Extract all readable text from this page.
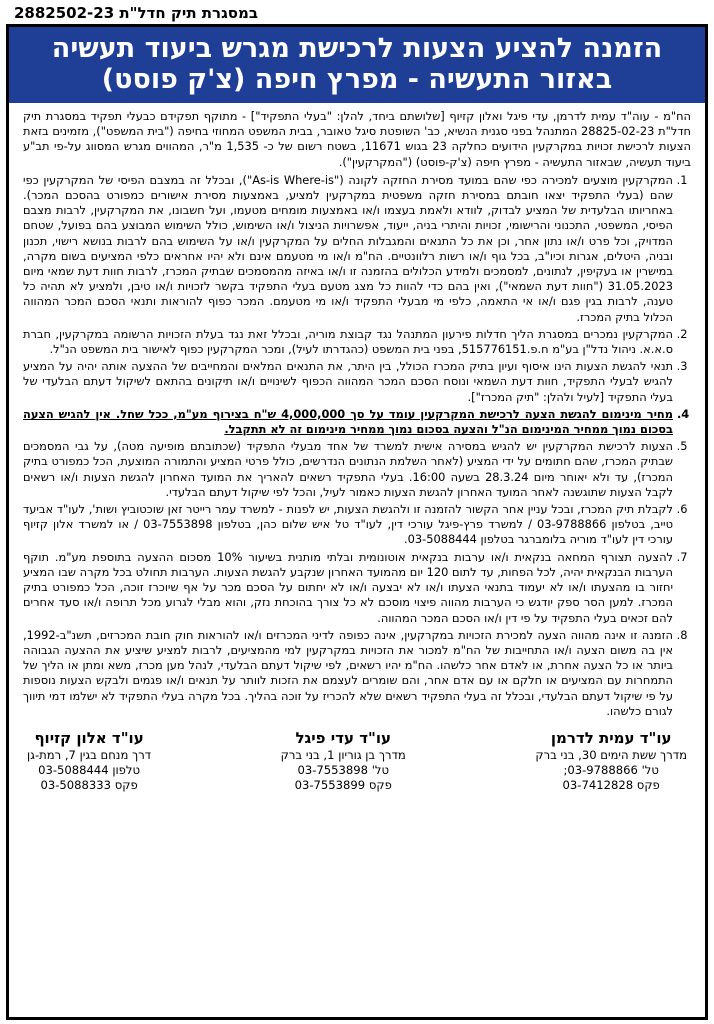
במסגרת תיק חדל"ת 2882502-23
הזמנה להציע הצעות לרכישת מגרש ביעוד תעשיה
באזור התעשיה - מפרץ חיפה (צ'ק פוסט)

הח"מ - עוה"ד עמית לדרמן, עדי פיגל ואלון קזיוף [שלושתם ביחד, להלן: "בעלי התפקיד"] - מתוקף תפקידם כבעלי תפקיד במסגרת תיק חדל"ת 28825-02-23 המתנהל בפני סגנית הנשיא, כב' השופטת סיגל טאובר, בבית המשפט המחוזי בחיפה ("בית המשפט"), מזמינים בזאת הצעות לרכישת זכויות במקרקעין הידועים כחלקה 23 בגוש 11671, בשטח רשום של כ- 1,535 מ"ר, המהווים מגרש המסווג על-פי תב"ע ביעוד תעשיה, שבאזור התעשיה - מפרץ חיפה (צ'ק-פוסט) ("המקרקעין").

1. המקרקעין מוצעים למכירה כפי שהם במועד מסירת החזקה לקונה ("As-is Where-is"), ובכלל זה במצבם הפיסי של המקרקעין כפי שהם (בעלי התפקיד יצאו חובתם במסירת חזקה משפטית במקרקעין למציע, באמצעות מסירת אישורים כמפורט בהסכם המכר). באחריותו הבלעדית של המציע לבדוק, לוודא ולאמת בעצמו ו/או באמצעות מומחים מטעמו, ועל חשבונו, את המקרקעין, לרבות מצבם הפיסי, המשפטי, התכנוני והרישומי, זכויות והיתרי בניה, ייעוד, אפשרויות הניצול ו/או השימוש, כולל השימוש המבוצע בהם בפועל, שטחם המדויק, וכל פרט ו/או נתון אחר, וכן את כל התנאים והמגבלות החלים על המקרקעין ו/או על השימוש בהם לרבות בנושא רישוי, תכנון ובניה, היטלים, אגרות וכיו"ב, בכל גוף ו/או רשות רלוונטיים. הח"מ ו/או מי מטעמם אינם ולא יהיו אחראים כלפי המציעים בשום מקרה, במישרין או בעקיפין, לנתונים, למסמכים ולמידע הכלולים בהזמנה זו ו/או באיזה מהמסמכים שבתיק המכרז, לרבות חוות דעת שמאי מיום 31.05.2023 ("חוות דעת השמאי"), ואין בהם כדי להוות כל מצג מטעם בעלי התפקיד בקשר לזכויות ו/או טיבן, ולמציע לא תהיה כל טענה, לרבות בגין פגם ו/או אי התאמה, כלפי מי מבעלי התפקיד ו/או מי מטעמם. המכר כפוף להוראות ותנאי הסכם המכר המהווה הכלול בתיק המכרז.
2. המקרקעין נמכרים במסגרת הליך חדלות פירעון המתנהל נגד קבוצת מוריה, ובכלל זאת נגד בעלת הזכויות הרשומה במקרקעין, חברת ס.א.א. ניהול נדל"ן בע"מ ח.פ.515776151, בפני בית המשפט (כהגדרתו לעיל), ומכר המקרקעין כפוף לאישור בית המשפט הנ"ל.
3. תנאי להגשת הצעות הינו איסוף ועיון בתיק המכרז הכולל, בין היתר, את התנאים המלאים והמחייבים של ההצעה אותה יהיה על המציע להגיש לבעלי התפקיד, חוות דעת השמאי ונוסח הסכם המכר המהווה הכפוף לשינויים ו/או תיקונים בהתאם לשיקול דעתם הבלעדי של בעלי התפקיד [לעיל ולהלן: "תיק המכרז"].
4. מחיר מינימום להגשת הצעה לרכישת המקרקעין עומד על סך 4,000,000 ש"ח בצירוף מע"מ, ככל שחל. אין להגיש הצעה בסכום נמוך ממחיר המינימום הנ"ל והצעה בסכום נמוך ממחיר מינימום זה לא תתקבל.
5. הצעות לרכישת המקרקעין יש להגיש במסירה אישית למשרד של אחד מבעלי התפקיד (שכתובתם מופיעה מטה), על גבי המסמכים שבתיק המכרז, שהם חתומים על ידי המציע (לאחר השלמת הנתונים הנדרשים, כולל פרטי המציע והתמורה המוצעת, הכל כמפורט בתיק המכרז), עד ולא יאוחר מיום 28.3.24 בשעה 16:00. בעלי התפקיד רשאים להאריך את המועד האחרון להגשת הצעות ו/או רשאים לקבל הצעות שתוגשנה לאחר המועד האחרון להגשת הצעות כאמור לעיל, והכל לפי שיקול דעתם הבלעדי.
6. לקבלת תיק המכרז, ובכל עניין אחר הקשור להזמנה זו ולהגשת הצעות, יש לפנות - למשרד עמר רייטר זאן שוכטוביץ ושות', לעו"ד אביעד טייב, בטלפון 03-9788866 / למשרד פרץ-פיגל עורכי דין, לעו"ד טל איש שלום כהן, בטלפון 03-7553898 / או למשרד אלון קזיוף עורכי דין לעו"ד מוריה בלומברגר בטלפון 03-5088444.
7. להצעה תצורף המחאה בנקאית ו/או ערבות בנקאית אוטונומית ובלתי מותנית בשיעור 10% מסכום ההצעה בתוספת מע"מ. תוקף הערבות הבנקאית יהיה, לכל הפחות, עד לתום 120 יום מהמועד האחרון שנקבע להגשת הצעות. הערבות תחולט בכל מקרה שבו המציע יחזור בו מהצעתו ו/או לא יעמוד בתנאי הצעתו ו/או לא יבצעה ו/או לא יחתום על הסכם מכר על אף שיוכרז זוכה, הכל כמפורט בתיק המכרז. למען הסר ספק יודגש כי הערבות מהווה פיצוי מוסכם לא כל צורך בהוכחת נזק, והוא מבלי לגרוע מכל תרופה ו/או סעד אחרים להם זכאים בעלי התפקיד על פי דין ו/או הסכם המכר המהווה.
8. הזמנה זו אינה מהווה הצעה למכירת הזכויות במקרקעין, אינה כפופה לדיני המכרזים ו/או להוראות חוק חובת המכרזים, תשנ"ב-1992, אין בה משום הצעה ו/או התחייבות של הח"מ למכור את הזכויות במקרקעין למי מהמציעים, לרבות למציע שיציע את ההצעה הגבוהה ביותר או כל הצעה אחרת, או לאדם אחר כלשהו. הח"מ יהיו רשאים, לפי שיקול דעתם הבלעדי, לנהל מען מכרז, משא ומתן או הליך של התמחרות עם המציעים או חלקם או עם אדם אחר, והם שומרים לעצמם את הזכות לוותר על תנאים ו/או פגמים ולבקש הצעות נוספות על פי שיקול דעתם הבלעדי, ובכלל זה בעלי התפקיד רשאים שלא להכריז על זוכה בהליך. בכל מקרה בעלי התפקיד לא ישלמו דמי תיווך לגורם כלשהו.
עו"ד עמית לדרמן
מדרך ששת הימים 30, בני ברק
טל' 03-9788866;
פקס 03-7412828
עו"ד עדי פיגל
מדרך בן גוריון 1, בני ברק
טל' 03-7553898
פקס 03-7553899
עו"ד אלון קזיוף
דרך מנחם בגין 7, רמת-גן
טלפון 03-5088444
פקס 03-5088333
